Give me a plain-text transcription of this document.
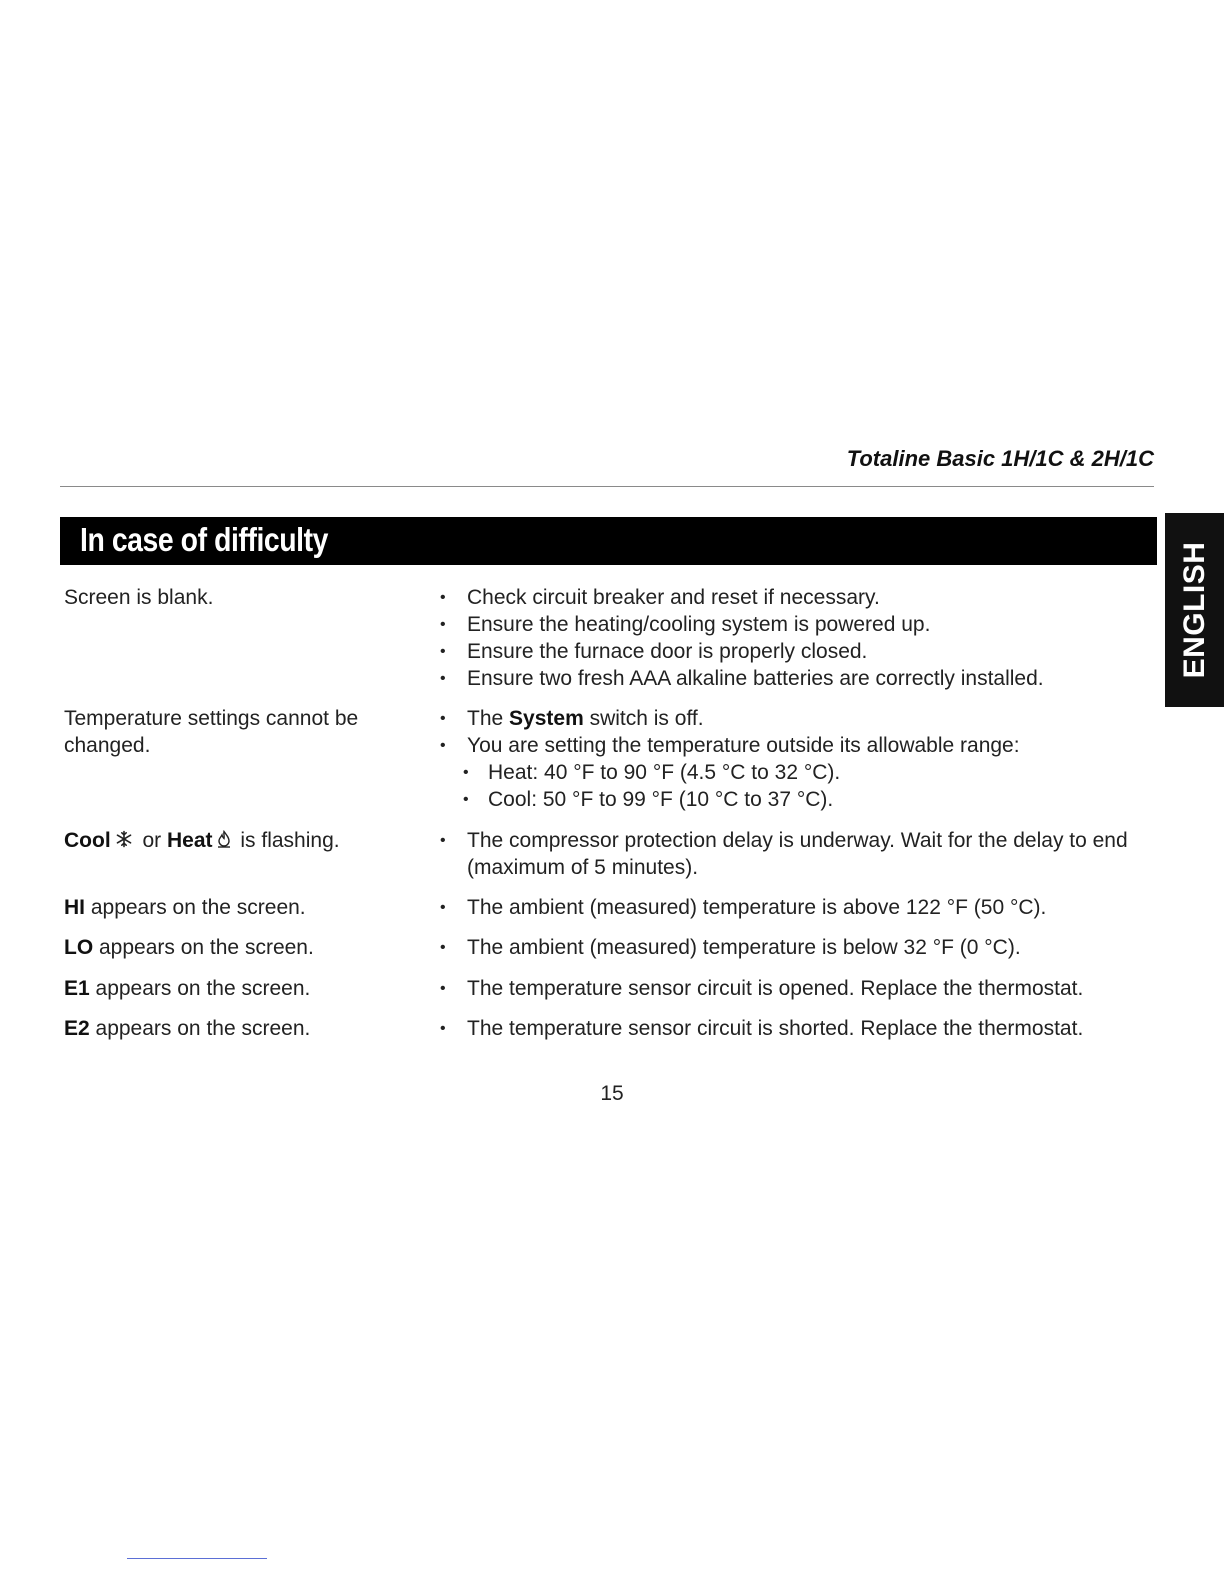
Totaline Basic 1H/1C & 2H/1C
In case of difficulty
ENGLISH
Screen is blank.	• Check circuit breaker and reset if necessary.
• Ensure the heating/cooling system is powered up.
• Ensure the furnace door is properly closed.
• Ensure two fresh AAA alkaline batteries are correctly installed.
Temperature settings cannot be changed.
• The System switch is off.
• You are setting the temperature outside its allowable range:
• Heat: 40 °F to 90 °F (4.5 °C to 32 °C).
• Cool: 50 °F to 99 °F (10 °C to 37 °C).
Cool or Heat is flashing.	• The compressor protection delay is underway. Wait for the delay to end (maximum of 5 minutes).
HI appears on the screen.	• The ambient (measured) temperature is above 122 °F (50 °C).
LO appears on the screen.	• The ambient (measured) temperature is below 32 °F (0 °C).
E1 appears on the screen.	• The temperature sensor circuit is opened. Replace the thermostat.
E2 appears on the screen.	• The temperature sensor circuit is shorted. Replace the thermostat.
15
